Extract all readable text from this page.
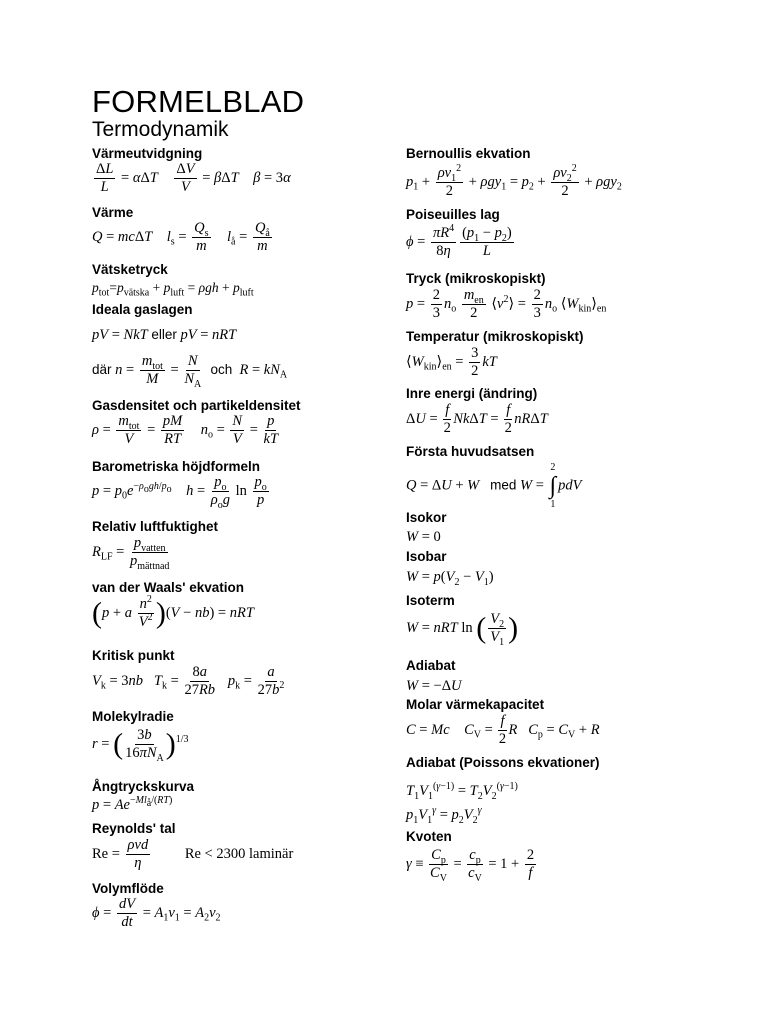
FORMELBLAD
Termodynamik
Värmeutvidgning
$\frac{\Delta L}{L} = \alpha\Delta T \frac{\Delta V}{V} = \beta\Delta T$ β = 3α
Värme
Q = mcΔT $l_s = \frac{Q_s}{m} l_å = \frac{Q_å}{m}$
Vätsketryck
$p_{tot}=p_{vätska} + p_{luft} = \rho gh + p_{luft}$
Ideala gaslagen
pV = NkT eller pV = nRT
där $n = \frac{m_{tot}}{M} = \frac{N}{N_A}$ och $R = kN_A$
Gasdensitet och partikeldensitet
$\rho = \frac{m_{tot}}{V} = \frac{pM}{RT} n_o = \frac{N}{V} = \frac{p}{kT}$
Barometriska höjdformeln
$p = p_0e^{-\rho_ogh/p_o}$ $h = \frac{p_o}{\rho_og}$ $\ln \frac{p_o}{p}$
Relativ luftfuktighet
$R_{LF} = \frac{p_{vatten}}{p_{mättnad}}$
van der Waals' ekvation
(p + a $\frac{n^2}{V^2} )(V - nb)$ = nRT
Kritisk punkt
$V_k = 3nb$ $T_k = \frac{8a}{27Rb} p_k = \frac{a}{27b^2}$
Molekylradie
r = ( $\frac{3b}{16\pi N_A} )^{1/3}$
Ångtryckskurva
$p = Ae^{-Ml_å/(RT)}$
Reynolds' tal
$Re = \frac{\text{ρvd}}{\eta}$ Re < 2300 laminär
Volymflöde
$\phi = \frac{dV}{dt} = A_1v_1 = A_2v_2$
Bernoullis ekvation
$p_1 + \frac{\rho v_1^2}{2} + \rho gy_1 = p_2 + \frac{\rho v_2^2}{2} + \rho gy_2$
Poiseuilles lag
$\phi = \frac{\pi R^4}{8\eta} \frac{(p_1 - p_2)}{L}$
Tryck (mikroskopiskt)
$p = \frac{2}{3} n_o \frac{m_{en}}{2}$ $⟨v^2⟩ = \frac{2}{3} n_o$ $⟨W_{kin}⟩_{en}$
Temperatur (mikroskopiskt)
$⟨W_{kin}⟩_{en} = \frac{3}{2}$ kT
Inre energi (ändring)
$\Delta U = \frac{f}{2}$ $Nk\Delta T = \frac{f}{2}$ nRΔT
Första huvudsatsen
Q = ΔU + W med W =
2
∫
1
pdV
Isokor
W = 0
Isobar
$W = p(V_2 - V_1)$
Isoterm
W = nRT ln ( $\frac{V_2}{V_1}$ )
Adiabat
W = −ΔU
Molar värmekapacitet
C = Mc $C_V = \frac{f}{2}$ R $C_p = C_V + R$
Adiabat (Poissons ekvationer)
$T_1V_1^{(\gamma-1)} = T_2V_2^{(\gamma-1)}$
$p_1V_1^\gamma = p_2V_2^\gamma$
Kvoten
$\gamma \equiv \frac{C_p}{C_V} = \frac{c_p}{c_V} = 1 + \frac{2}{f}$
